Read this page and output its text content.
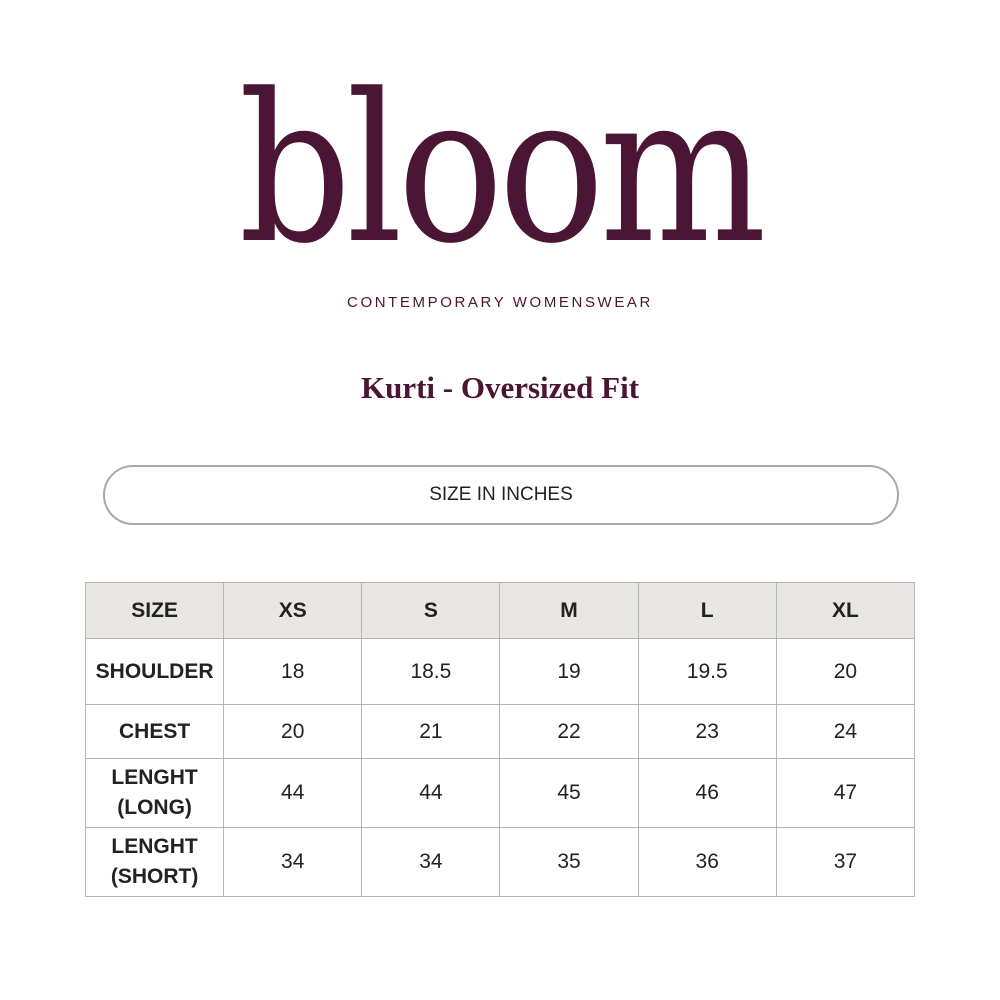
bloom
CONTEMPORARY WOMENSWEAR
Kurti - Oversized Fit
SIZE IN INCHES
SIZE	XS	S	M	L	XL
SHOULDER	18	18.5	19	19.5	20
CHEST	20	21	22	23	24
LENGHT
(LONG)	44	44	45	46	47
LENGHT
(SHORT)	34	34	35	36	37
